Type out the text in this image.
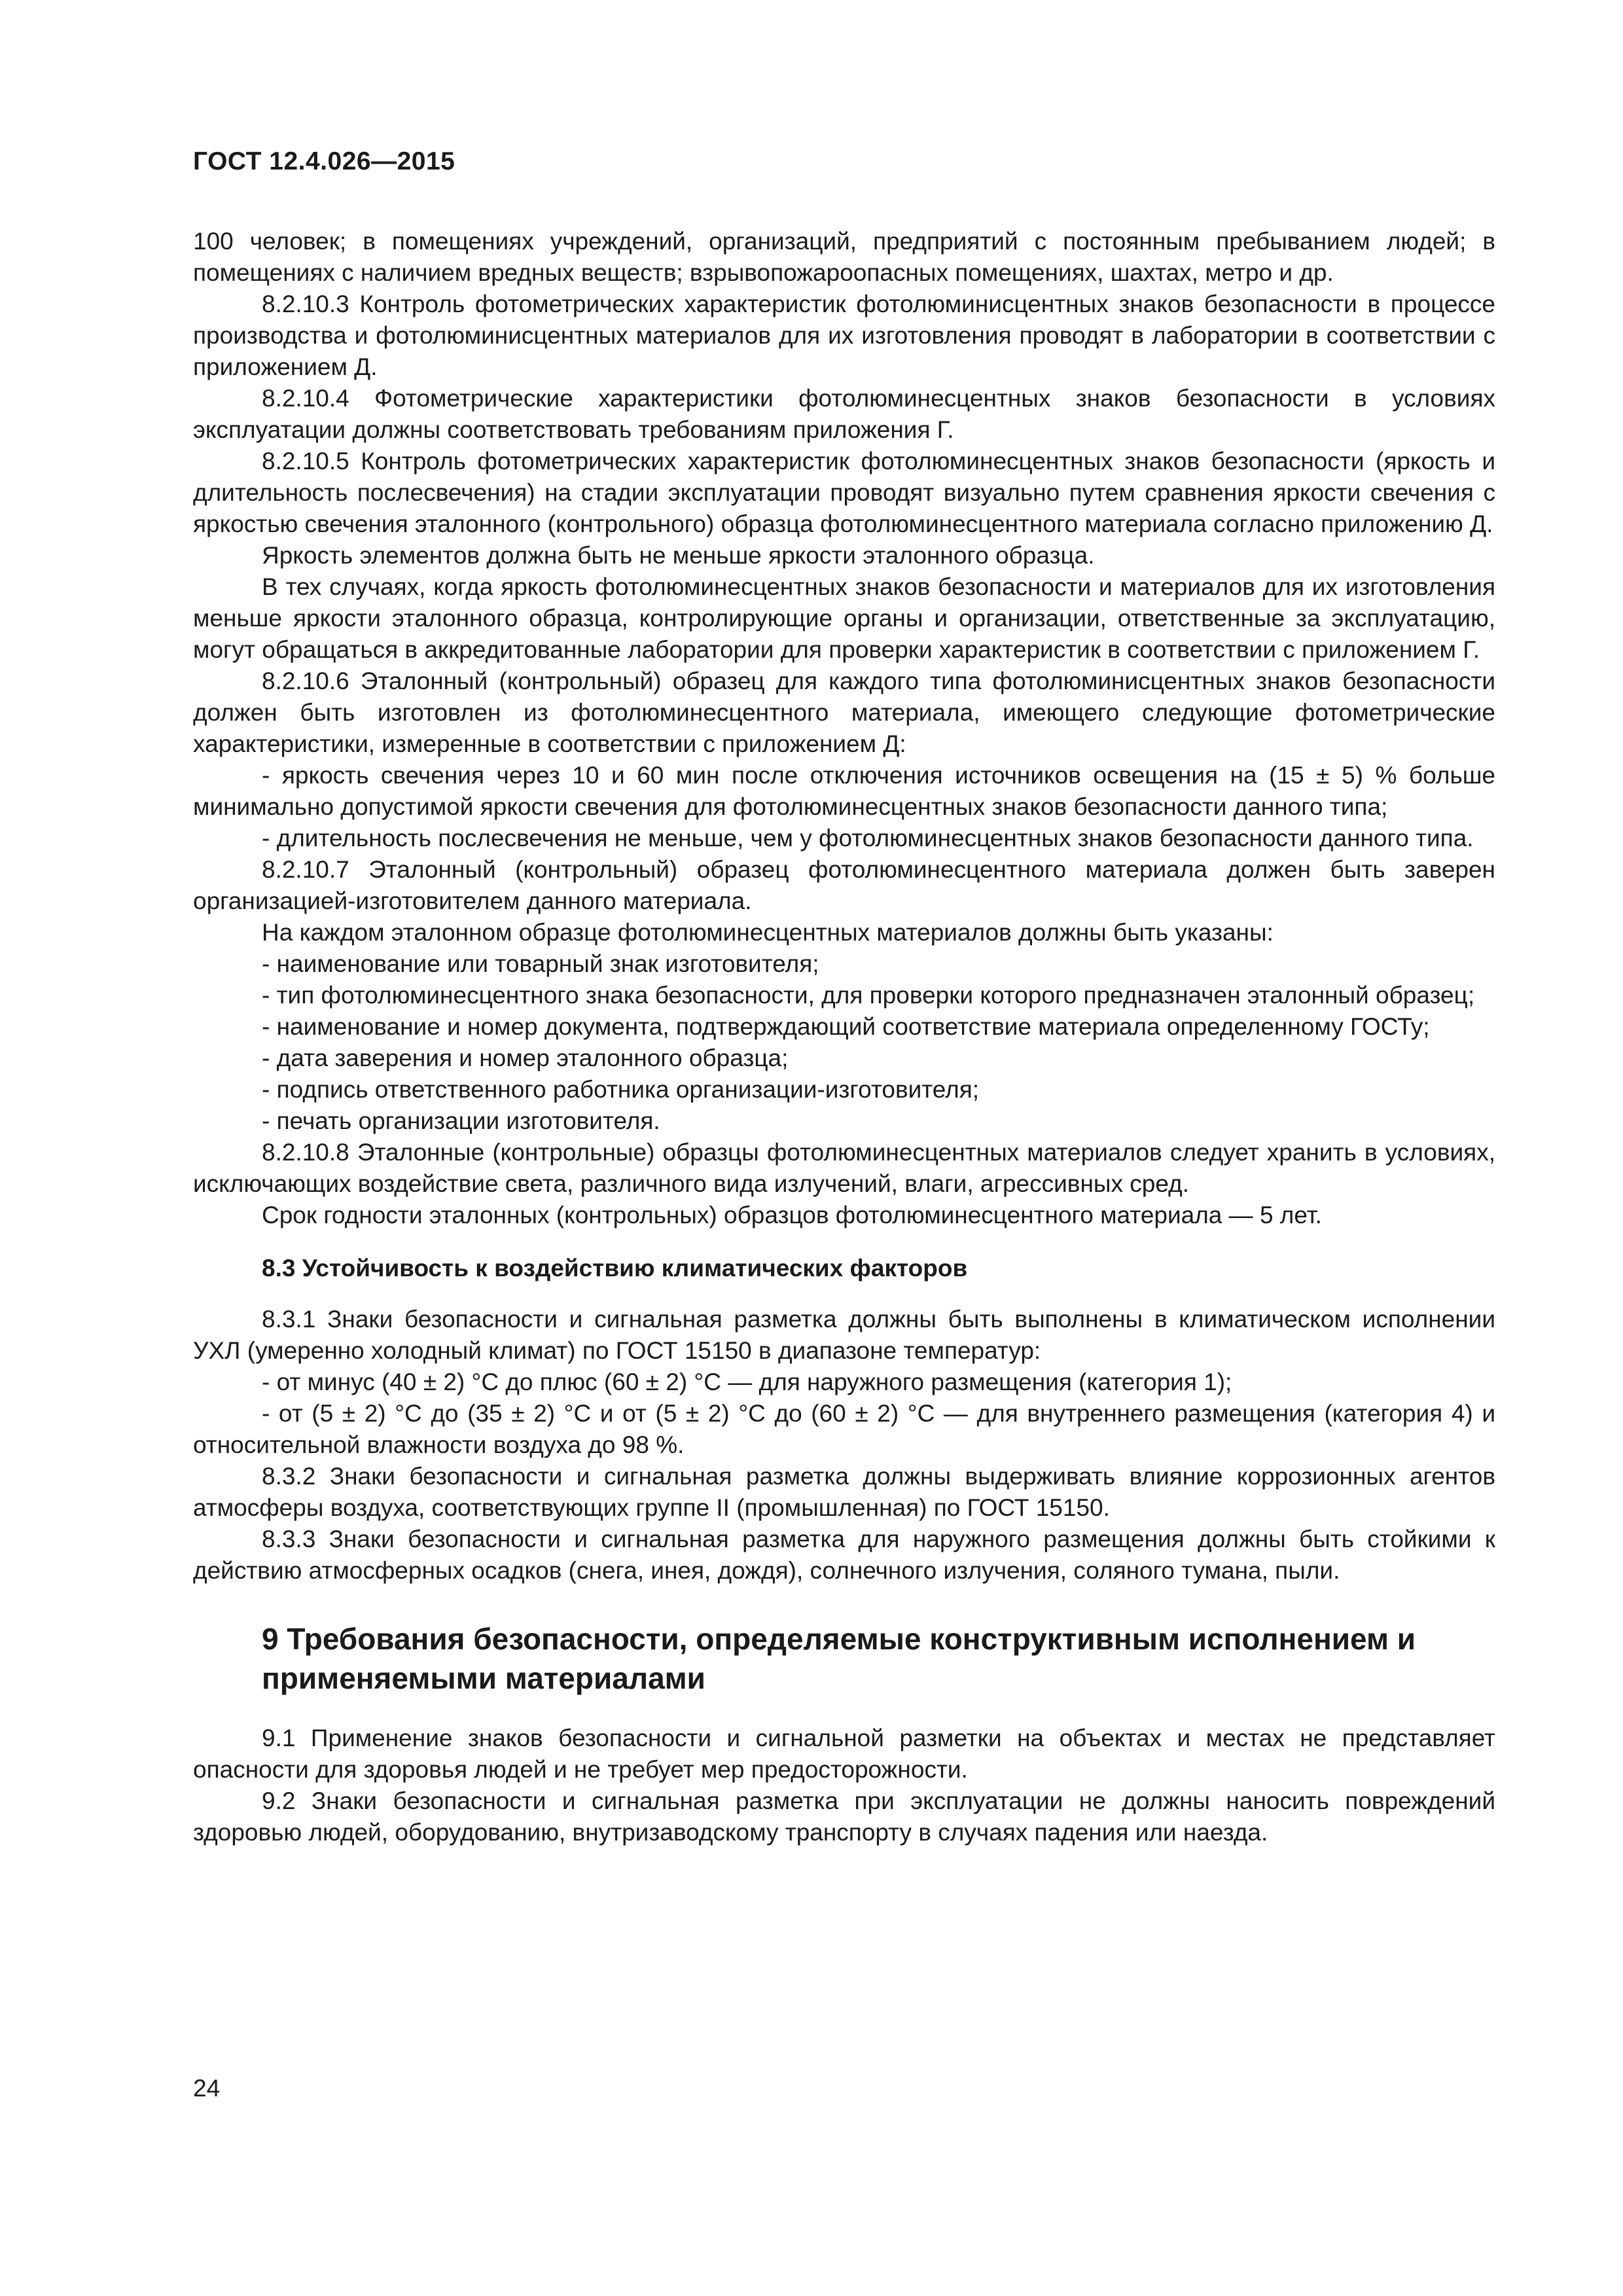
ГОСТ 12.4.026—2015

100 человек; в помещениях учреждений, организаций, предприятий с постоянным пребыванием людей; в помещениях с наличием вредных веществ; взрывопожароопасных помещениях, шахтах, метро и др.

8.2.10.3 Контроль фотометрических характеристик фотолюминисцентных знаков безопасности в процессе производства и фотолюминисцентных материалов для их изготовления проводят в лаборатории в соответствии с приложением Д.

8.2.10.4 Фотометрические характеристики фотолюминесцентных знаков безопасности в условиях эксплуатации должны соответствовать требованиям приложения Г.

8.2.10.5 Контроль фотометрических характеристик фотолюминесцентных знаков безопасности (яркость и длительность послесвечения) на стадии эксплуатации проводят визуально путем сравнения яркости свечения с яркостью свечения эталонного (контрольного) образца фотолюминесцентного материала согласно приложению Д.

Яркость элементов должна быть не меньше яркости эталонного образца.

В тех случаях, когда яркость фотолюминесцентных знаков безопасности и материалов для их изготовления меньше яркости эталонного образца, контролирующие органы и организации, ответственные за эксплуатацию, могут обращаться в аккредитованные лаборатории для проверки характеристик в соответствии с приложением Г.

8.2.10.6 Эталонный (контрольный) образец для каждого типа фотолюминисцентных знаков безопасности должен быть изготовлен из фотолюминесцентного материала, имеющего следующие фотометрические характеристики, измеренные в соответствии с приложением Д:

- яркость свечения через 10 и 60 мин после отключения источников освещения на (15 ± 5) % больше минимально допустимой яркости свечения для фотолюминесцентных знаков безопасности данного типа;

- длительность послесвечения не меньше, чем у фотолюминесцентных знаков безопасности данного типа.

8.2.10.7 Эталонный (контрольный) образец фотолюминесцентного материала должен быть заверен организацией-изготовителем данного материала.

На каждом эталонном образце фотолюминесцентных материалов должны быть указаны:

- наименование или товарный знак изготовителя;

- тип фотолюминесцентного знака безопасности, для проверки которого предназначен эталонный образец;

- наименование и номер документа, подтверждающий соответствие материала определенному ГОСТу;

- дата заверения и номер эталонного образца;

- подпись ответственного работника организации-изготовителя;

- печать организации изготовителя.

8.2.10.8 Эталонные (контрольные) образцы фотолюминесцентных материалов следует хранить в условиях, исключающих воздействие света, различного вида излучений, влаги, агрессивных сред.

Срок годности эталонных (контрольных) образцов фотолюминесцентного материала — 5 лет.

8.3 Устойчивость к воздействию климатических факторов

8.3.1 Знаки безопасности и сигнальная разметка должны быть выполнены в климатическом исполнении УХЛ (умеренно холодный климат) по ГОСТ 15150 в диапазоне температур:

- от минус (40 ± 2) °С до плюс (60 ± 2) °С — для наружного размещения (категория 1);

- от (5 ± 2) °С до (35 ± 2) °С и от (5 ± 2) °С до (60 ± 2) °С — для внутреннего размещения (категория 4) и относительной влажности воздуха до 98 %.

8.3.2 Знаки безопасности и сигнальная разметка должны выдерживать влияние коррозионных агентов атмосферы воздуха, соответствующих группе II (промышленная) по ГОСТ 15150.

8.3.3 Знаки безопасности и сигнальная разметка для наружного размещения должны быть стойкими к действию атмосферных осадков (снега, инея, дождя), солнечного излучения, соляного тумана, пыли.

9 Требования безопасности, определяемые конструктивным исполнением и применяемыми материалами

9.1 Применение знаков безопасности и сигнальной разметки на объектах и местах не представляет опасности для здоровья людей и не требует мер предосторожности.

9.2 Знаки безопасности и сигнальная разметка при эксплуатации не должны наносить повреждений здоровью людей, оборудованию, внутризаводскому транспорту в случаях падения или наезда.

24
